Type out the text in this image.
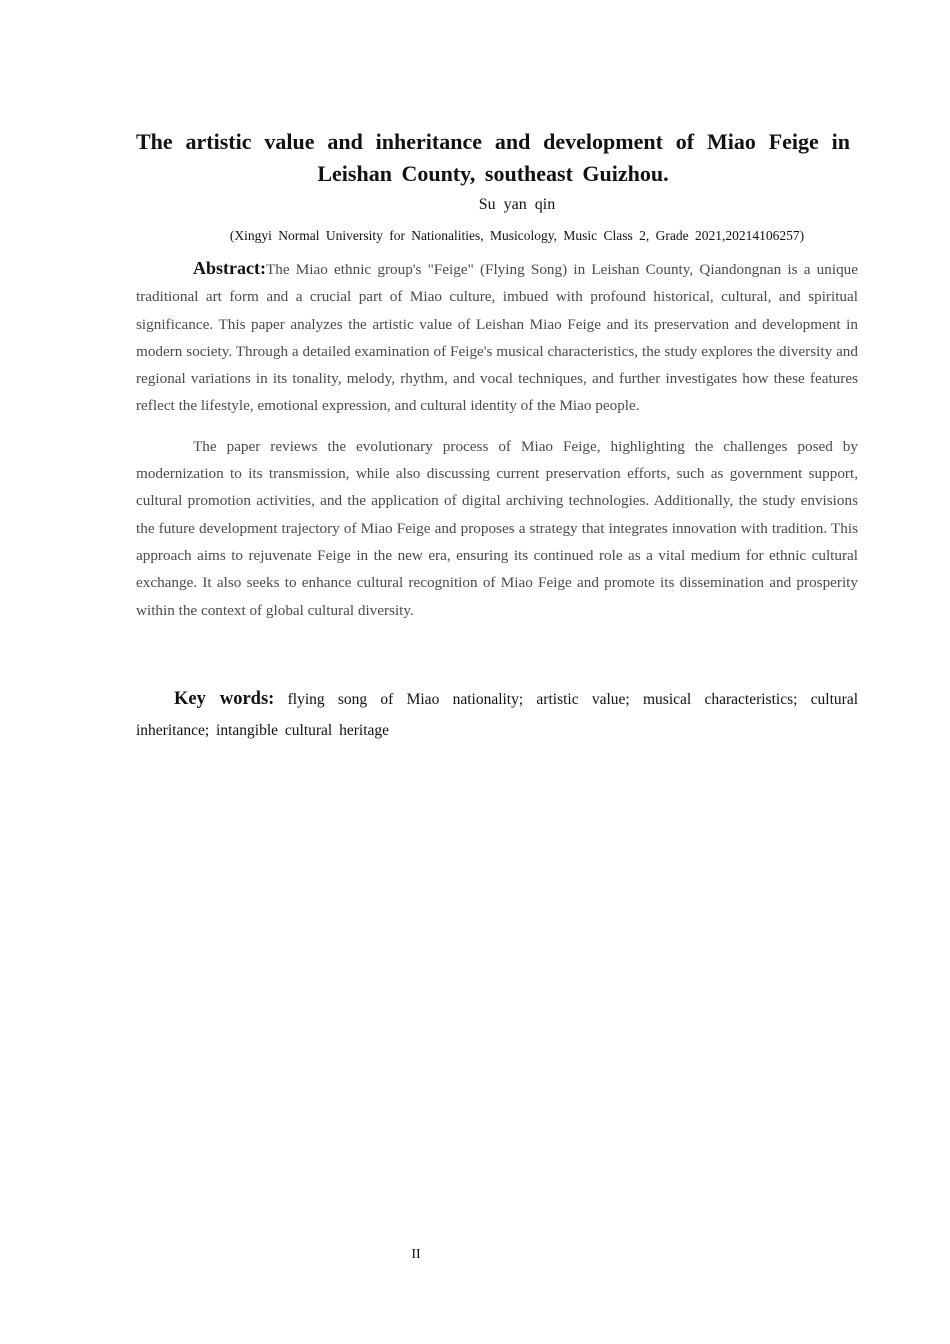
The artistic value and inheritance and development of Miao Feige in
Leishan County, southeast Guizhou.

Su yan qin

(Xingyi Normal University for Nationalities, Musicology, Music Class 2, Grade 2021,20214106257)

Abstract:The Miao ethnic group's "Feige" (Flying Song) in Leishan County, Qiandongnan is a unique traditional art form and a crucial part of Miao culture, imbued with profound historical, cultural, and spiritual significance. This paper analyzes the artistic value of Leishan Miao Feige and its preservation and development in modern society. Through a detailed examination of Feige's musical characteristics, the study explores the diversity and regional variations in its tonality, melody, rhythm, and vocal techniques, and further investigates how these features reflect the lifestyle, emotional expression, and cultural identity of the Miao people.

The paper reviews the evolutionary process of Miao Feige, highlighting the challenges posed by modernization to its transmission, while also discussing current preservation efforts, such as government support, cultural promotion activities, and the application of digital archiving technologies. Additionally, the study envisions the future development trajectory of Miao Feige and proposes a strategy that integrates innovation with tradition. This approach aims to rejuvenate Feige in the new era, ensuring its continued role as a vital medium for ethnic cultural exchange. It also seeks to enhance cultural recognition of Miao Feige and promote its dissemination and prosperity within the context of global cultural diversity.

Key words: flying song of Miao nationality; artistic value; musical characteristics; cultural inheritance; intangible cultural heritage

II
